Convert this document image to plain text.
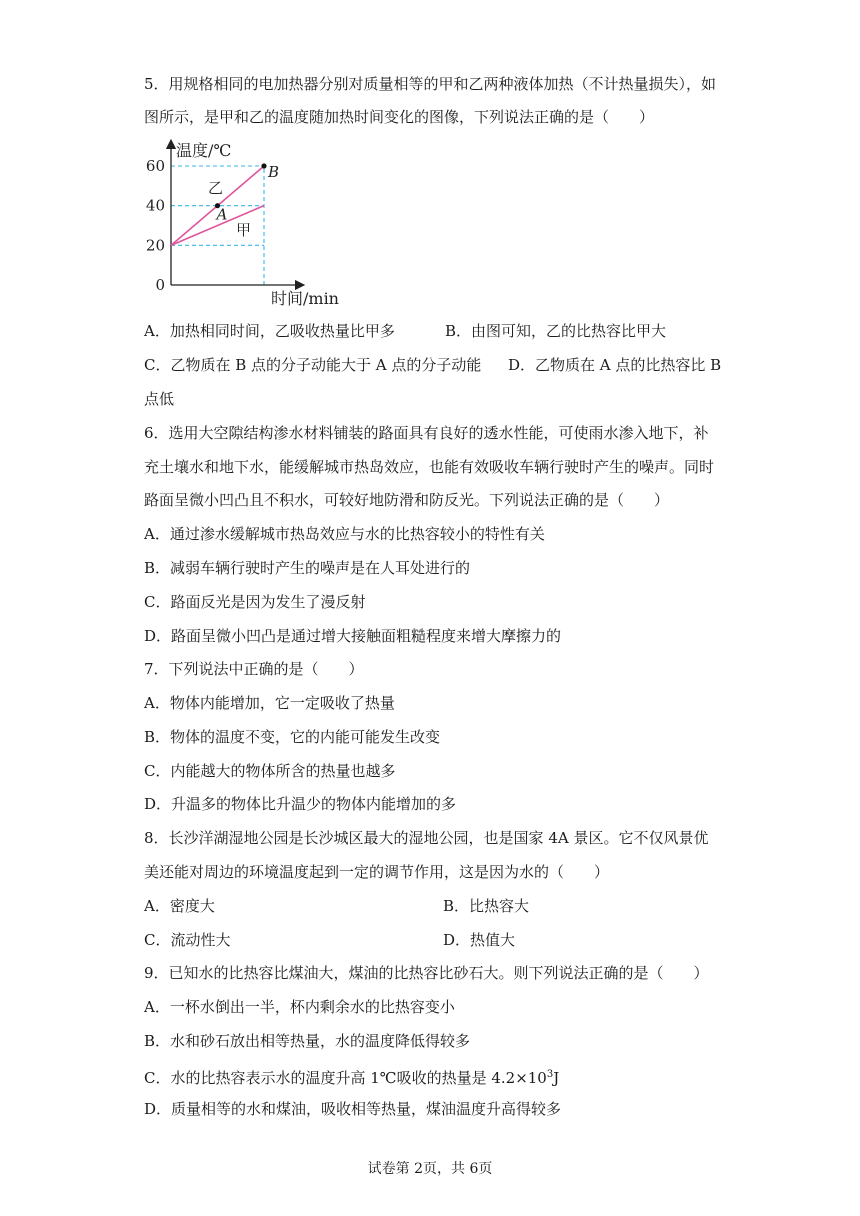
5．用规格相同的电加热器分别对质量相等的甲和乙两种液体加热（不计热量损失），如
图所示，是甲和乙的温度随加热时间变化的图像，下列说法正确的是（　　）
A
B
0
20
40
60
温度/℃
时间/min
乙
甲
A．加热相同时间，乙吸收热量比甲多	B．由图可知，乙的比热容比甲大
C．乙物质在 B 点的分子动能大于 A 点的分子动能 D．乙物质在 A 点的比热容比 B
点低
6．选用大空隙结构渗水材料铺装的路面具有良好的透水性能，可使雨水渗入地下，补
充土壤水和地下水，能缓解城市热岛效应，也能有效吸收车辆行驶时产生的噪声。同时
路面呈微小凹凸且不积水，可较好地防滑和防反光。下列说法正确的是（　　）
A．通过渗水缓解城市热岛效应与水的比热容较小的特性有关
B．减弱车辆行驶时产生的噪声是在人耳处进行的
C．路面反光是因为发生了漫反射
D．路面呈微小凹凸是通过增大接触面粗糙程度来增大摩擦力的
7．下列说法中正确的是（　　）
A．物体内能增加，它一定吸收了热量
B．物体的温度不变，它的内能可能发生改变
C．内能越大的物体所含的热量也越多
D．升温多的物体比升温少的物体内能增加的多
8．长沙洋湖湿地公园是长沙城区最大的湿地公园，也是国家 4A 景区。它不仅风景优
美还能对周边的环境温度起到一定的调节作用，这是因为水的（　　）
A．密度大	B．比热容大
C．流动性大	D．热值大
9．已知水的比热容比煤油大，煤油的比热容比砂石大。则下列说法正确的是（　　）
A．一杯水倒出一半，杯内剩余水的比热容变小
B．水和砂石放出相等热量，水的温度降低得较多
C．水的比热容表示水的温度升高 1℃吸收的热量是 $4.2\times 10^3J$
D．质量相等的水和煤油，吸收相等热量，煤油温度升高得较多
试卷第 2页，共 6页
